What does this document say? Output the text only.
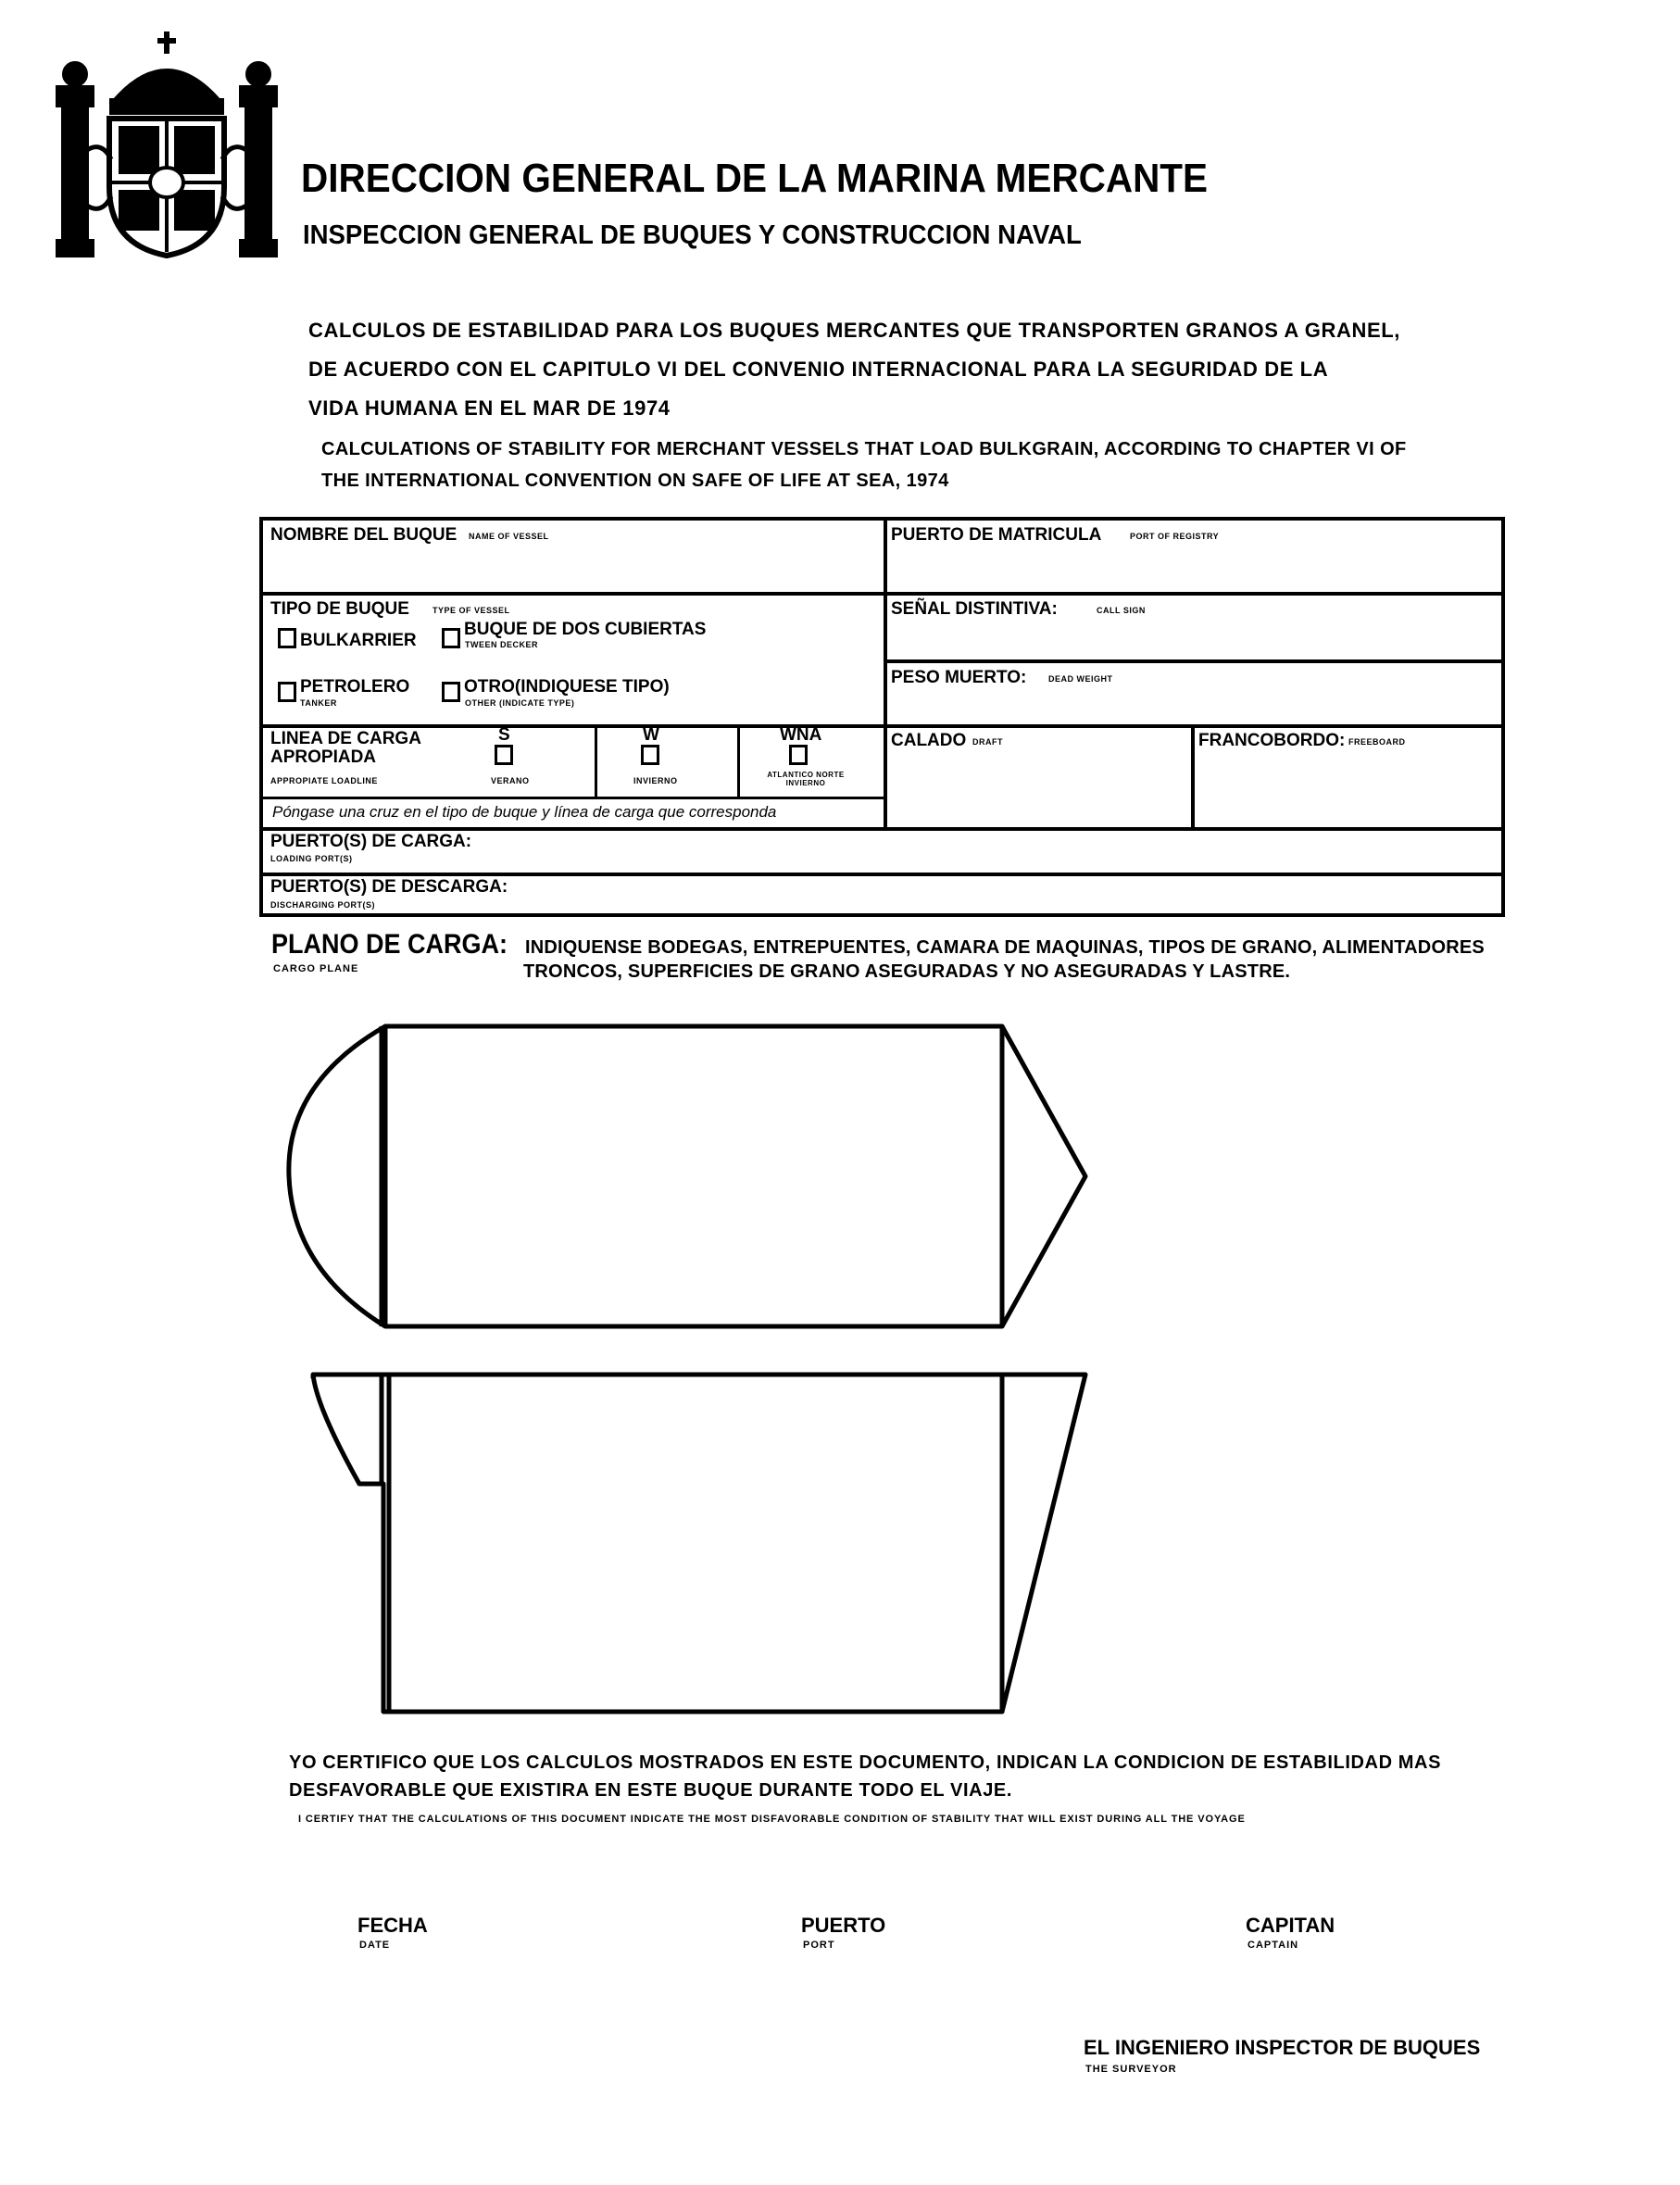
DIRECCION GENERAL DE LA MARINA MERCANTE
INSPECCION GENERAL DE BUQUES Y CONSTRUCCION NAVAL
CALCULOS DE ESTABILIDAD PARA LOS BUQUES MERCANTES QUE TRANSPORTEN GRANOS A GRANEL,
DE ACUERDO CON EL CAPITULO VI DEL CONVENIO INTERNACIONAL PARA LA SEGURIDAD DE LA
VIDA HUMANA EN EL MAR DE 1974
CALCULATIONS OF STABILITY FOR MERCHANT VESSELS THAT LOAD BULKGRAIN, ACCORDING TO CHAPTER VI OF
THE INTERNATIONAL CONVENTION ON SAFE OF LIFE AT SEA, 1974
NOMBRE DEL BUQUE NAME OF VESSEL	PUERTO DE MATRICULA	PORT OF REGISTRY
TIPO DE BUQUE	TYPE OF VESSEL
BULKARRIER
BUQUE DE DOS CUBIERTAS
TWEEN DECKER
PETROLERO
TANKER
OTRO(INDIQUESE TIPO)
OTHER (INDICATE TYPE)
SEÑAL DISTINTIVA:	CALL SIGN
PESO MUERTO:	DEAD WEIGHT
LINEA DE CARGA
APROPIADA
APPROPIATE LOADLINE
S
VERANO
W
INVIERNO
WNA
ATLANTICO NORTE INVIERNO
CALADO DRAFT	FRANCOBORDO: FREEBOARD
Póngase una cruz en el tipo de buque y línea de carga que corresponda
PUERTO(S) DE CARGA:
LOADING PORT(S)
PUERTO(S) DE DESCARGA:
DISCHARGING PORT(S)
PLANO DE CARGA:
CARGO PLANE
INDIQUENSE BODEGAS, ENTREPUENTES, CAMARA DE MAQUINAS, TIPOS DE GRANO, ALIMENTADORES
TRONCOS, SUPERFICIES DE GRANO ASEGURADAS Y NO ASEGURADAS Y LASTRE.
YO CERTIFICO QUE LOS CALCULOS MOSTRADOS EN ESTE DOCUMENTO, INDICAN LA CONDICION DE ESTABILIDAD MAS
DESFAVORABLE QUE EXISTIRA EN ESTE BUQUE DURANTE TODO EL VIAJE.
I CERTIFY THAT THE CALCULATIONS OF THIS DOCUMENT INDICATE THE MOST DISFAVORABLE CONDITION OF STABILITY THAT WILL EXIST DURING ALL THE VOYAGE
FECHA
DATE
PUERTO
PORT
CAPITAN
CAPTAIN
EL INGENIERO INSPECTOR DE BUQUES
THE SURVEYOR
